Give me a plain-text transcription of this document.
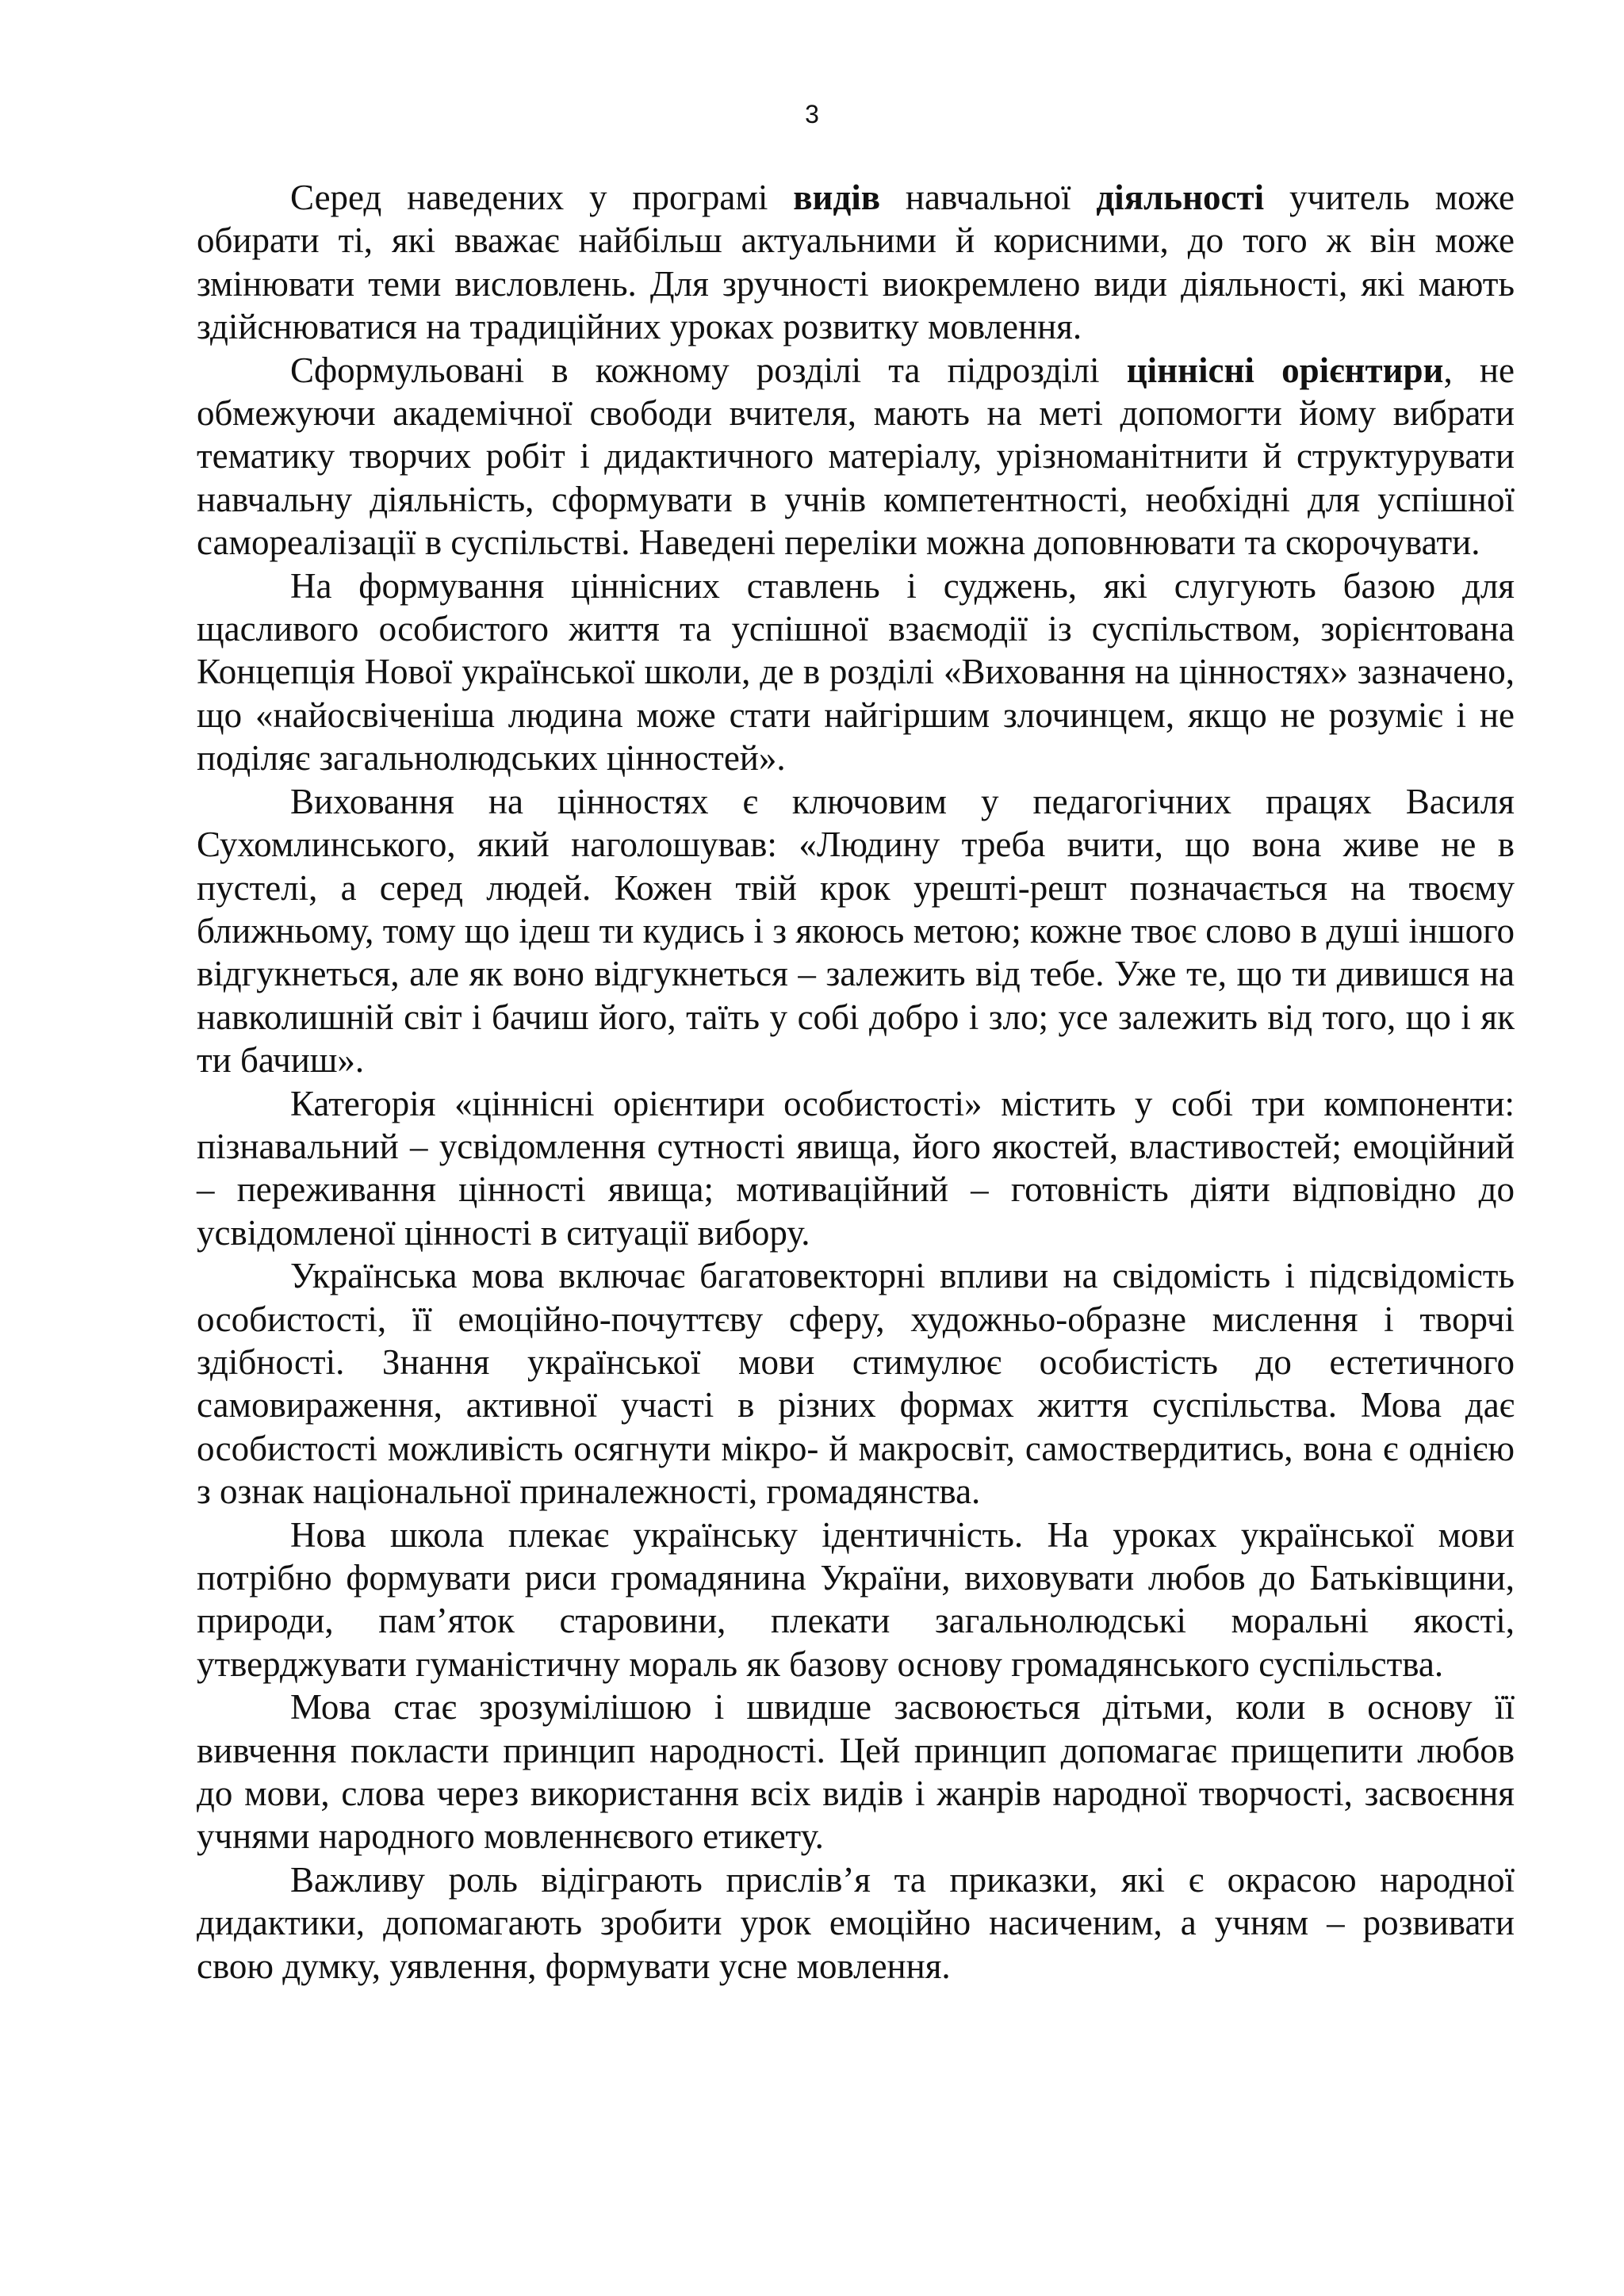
3

Серед наведених у програмі видів навчальної діяльності учитель може обирати ті, які вважає найбільш актуальними й корисними, до того ж він може змінювати теми висловлень. Для зручності виокремлено види діяльності, які мають здійснюватися на традиційних уроках розвитку мовлення.

Сформульовані в кожному розділі та підрозділі ціннісні орієнтири, не обмежуючи академічної свободи вчителя, мають на меті допомогти йому вибрати тематику творчих робіт і дидактичного матеріалу, урізноманітнити й структурувати навчальну діяльність, сформувати в учнів компетентності, необхідні для успішної самореалізації в суспільстві. Наведені переліки можна доповнювати та скорочувати.

На формування ціннісних ставлень і суджень, які слугують базою для щасливого особистого життя та успішної взаємодії із суспільством, зорієнтована Концепція Нової української школи, де в розділі «Виховання на цінностях» зазначено, що «найосвіченіша людина може стати найгіршим злочинцем, якщо не розуміє і не поділяє загальнолюдських цінностей».

Виховання на цінностях є ключовим у педагогічних працях Василя Сухомлинського, який наголошував: «Людину треба вчити, що вона живе не в пустелі, а серед людей. Кожен твій крок урешті-решт позначається на твоєму ближньому, тому що ідеш ти кудись і з якоюсь метою; кожне твоє слово в душі іншого відгукнеться, але як воно відгукнеться – залежить від тебе. Уже те, що ти дивишся на навколишній світ і бачиш його, таїть у собі добро і зло; усе залежить від того, що і як ти бачиш».

Категорія «ціннісні орієнтири особистості» містить у собі три компоненти: пізнавальний – усвідомлення сутності явища, його якостей, властивостей; емоційний – переживання цінності явища; мотиваційний – готовність діяти відповідно до усвідомленої цінності в ситуації вибору.

Українська мова включає багатовекторні впливи на свідомість і підсвідомість особистості, її емоційно-почуттєву сферу, художньо-образне мислення і творчі здібності. Знання української мови стимулює особистість до естетичного самовираження, активної участі в різних формах життя суспільства. Мова дає особистості можливість осягнути мікро- й макросвіт, самоствердитись, вона є однією з ознак національної приналежності, громадянства.

Нова школа плекає українську ідентичність. На уроках української мови потрібно формувати риси громадянина України, виховувати любов до Батьківщини, природи, пам’яток старовини, плекати загальнолюдські моральні якості, утверджувати гуманістичну мораль як базову основу громадянського суспільства.

Мова стає зрозумілішою і швидше засвоюється дітьми, коли в основу її вивчення покласти принцип народності. Цей принцип допомагає прищепити любов до мови, слова через використання всіх видів і жанрів народної творчості, засвоєння учнями народного мовленнєвого етикету.

Важливу роль відіграють прислів’я та приказки, які є окрасою народної дидактики, допомагають зробити урок емоційно насиченим, а учням – розвивати свою думку, уявлення, формувати усне мовлення.
